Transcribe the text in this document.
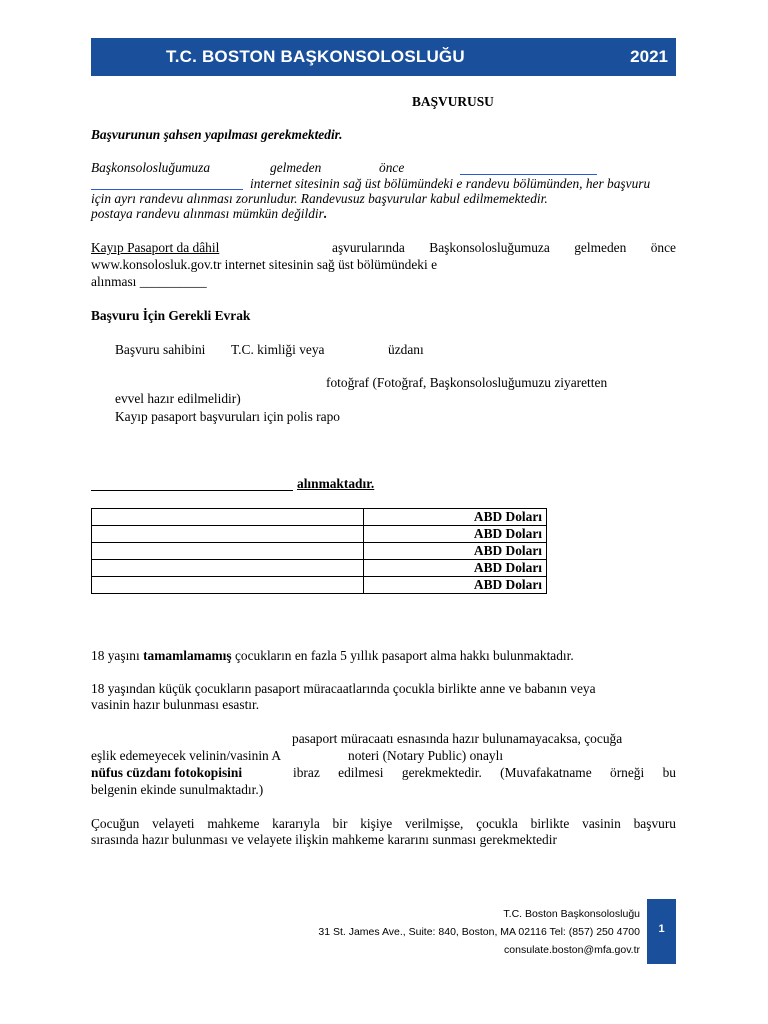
T.C. BOSTON BAŞKONSOLOSLUĞU	2021
BAŞVURUSU
Başvurunun şahsen yapılması gerekmektedir.
Başkonsolosluğumuza	gelmeden	önce
internet sitesinin sağ üst bölümündeki e randevu bölümünden, her başvuru
için ayrı randevu alınması zorunludur. Randevusuz başvurular kabul edilmemektedir.
postaya randevu alınması mümkün değildir.
Kayıp Pasaport da dâhil	aşvurularında Başkonsolosluğumuza gelmeden önce
www.konsolosluk.gov.tr internet sitesinin sağ üst bölümündeki e
alınması __________
Başvuru İçin Gerekli Evrak
Başvuru sahibini T.C. kimliği veya	üzdanı
fotoğraf (Fotoğraf, Başkonsolosluğumuzu ziyaretten
evvel hazır edilmelidir)
Kayıp pasaport başvuruları için polis rapo
alınmaktadır.
	ABD Doları
	ABD Doları
	ABD Doları
	ABD Doları
	ABD Doları
18 yaşını tamamlamamış çocukların en fazla 5 yıllık pasaport alma hakkı bulunmaktadır.
18 yaşından küçük çocukların pasaport müracaatlarında çocukla birlikte anne ve babanın veya
vasinin hazır bulunması esastır.
pasaport müracaatı esnasında hazır bulunamayacaksa, çocuğa
eşlik edemeyecek velinin/vasinin A	noteri (Notary Public) onaylı
nüfus cüzdanı fotokopisini	ibraz edilmesi gerekmektedir. (Muvafakatname örneği bu
belgenin ekinde sunulmaktadır.)
Çocuğun velayeti mahkeme kararıyla bir kişiye verilmişse, çocukla birlikte vasinin başvuru
sırasında hazır bulunması ve velayete ilişkin mahkeme kararını sunması gerekmektedir
T.C. Boston Başkonsolosluğu
31 St. James Ave., Suite: 840, Boston, MA 02116 Tel: (857) 250 4700
consulate.boston@mfa.gov.tr
1
